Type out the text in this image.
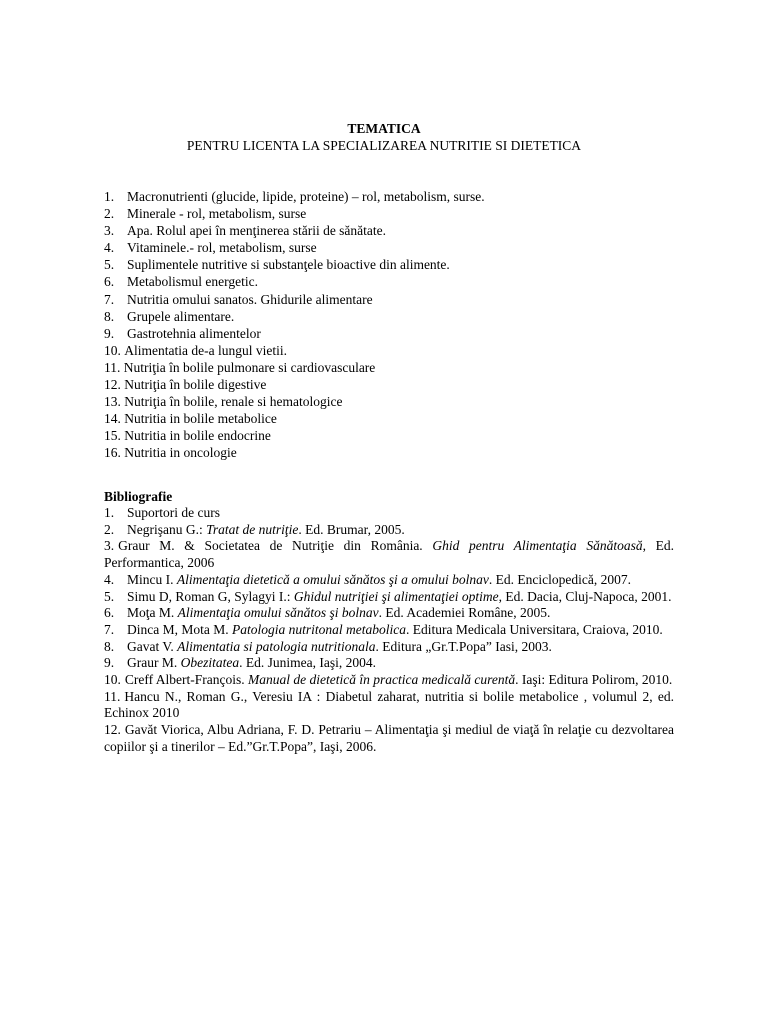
TEMATICA
PENTRU LICENTA LA SPECIALIZAREA NUTRITIE SI DIETETICA
1. Macronutrienti (glucide, lipide, proteine) – rol, metabolism, surse.
2. Minerale - rol, metabolism, surse
3. Apa. Rolul apei în menţinerea stării de sănătate.
4. Vitaminele.- rol, metabolism, surse
5. Suplimentele nutritive si substanţele bioactive din alimente.
6. Metabolismul energetic.
7. Nutritia omului sanatos. Ghidurile alimentare
8. Grupele alimentare.
9. Gastrotehnia alimentelor
10.
Alimentatia de-a lungul vietii.
11.
Nutriţia în bolile pulmonare si cardiovasculare
12.
Nutriţia în bolile digestive
13.
Nutriţia în bolile, renale si hematologice
14.
Nutritia in bolile metabolice
15.
Nutritia in bolile endocrine
16.
Nutritia in oncologie
Bibliografie
1. Suportori de curs
2. Negrişanu G.: Tratat de nutriţie. Ed. Brumar, 2005.
3. Graur M. & Societatea de Nutriţie din România. Ghid pentru Alimentaţia Sănătoasă, Ed. Performantica, 2006
4. Mincu I. Alimentaţia dietetică a omului sănătos şi a omului bolnav. Ed. Enciclopedică, 2007.
5. Simu D, Roman G, Sylagyi I.: Ghidul nutriţiei şi alimentaţiei optime, Ed. Dacia, Cluj-Napoca, 2001.
6. Moţa M. Alimentaţia omului sănătos şi bolnav. Ed. Academiei Române, 2005.
7. Dinca M, Mota M. Patologia nutritonal metabolica. Editura Medicala Universitara, Craiova, 2010.
8. Gavat V. Alimentatia si patologia nutritionala. Editura „Gr.T.Popa” Iasi, 2003.
9. Graur M. Obezitatea. Ed. Junimea, Iaşi, 2004.
10. Creff Albert-François. Manual de dietetică în practica medicală curentă. Iaşi: Editura Polirom, 2010.
11. Hancu N., Roman G., Veresiu IA : Diabetul zaharat, nutritia si bolile metabolice , volumul 2, ed. Echinox 2010
12. Gavăt Viorica, Albu Adriana, F. D. Petrariu – Alimentaţia şi mediul de viaţă în relaţie cu dezvoltarea copiilor şi a tinerilor – Ed.”Gr.T.Popa”, Iaşi, 2006.
